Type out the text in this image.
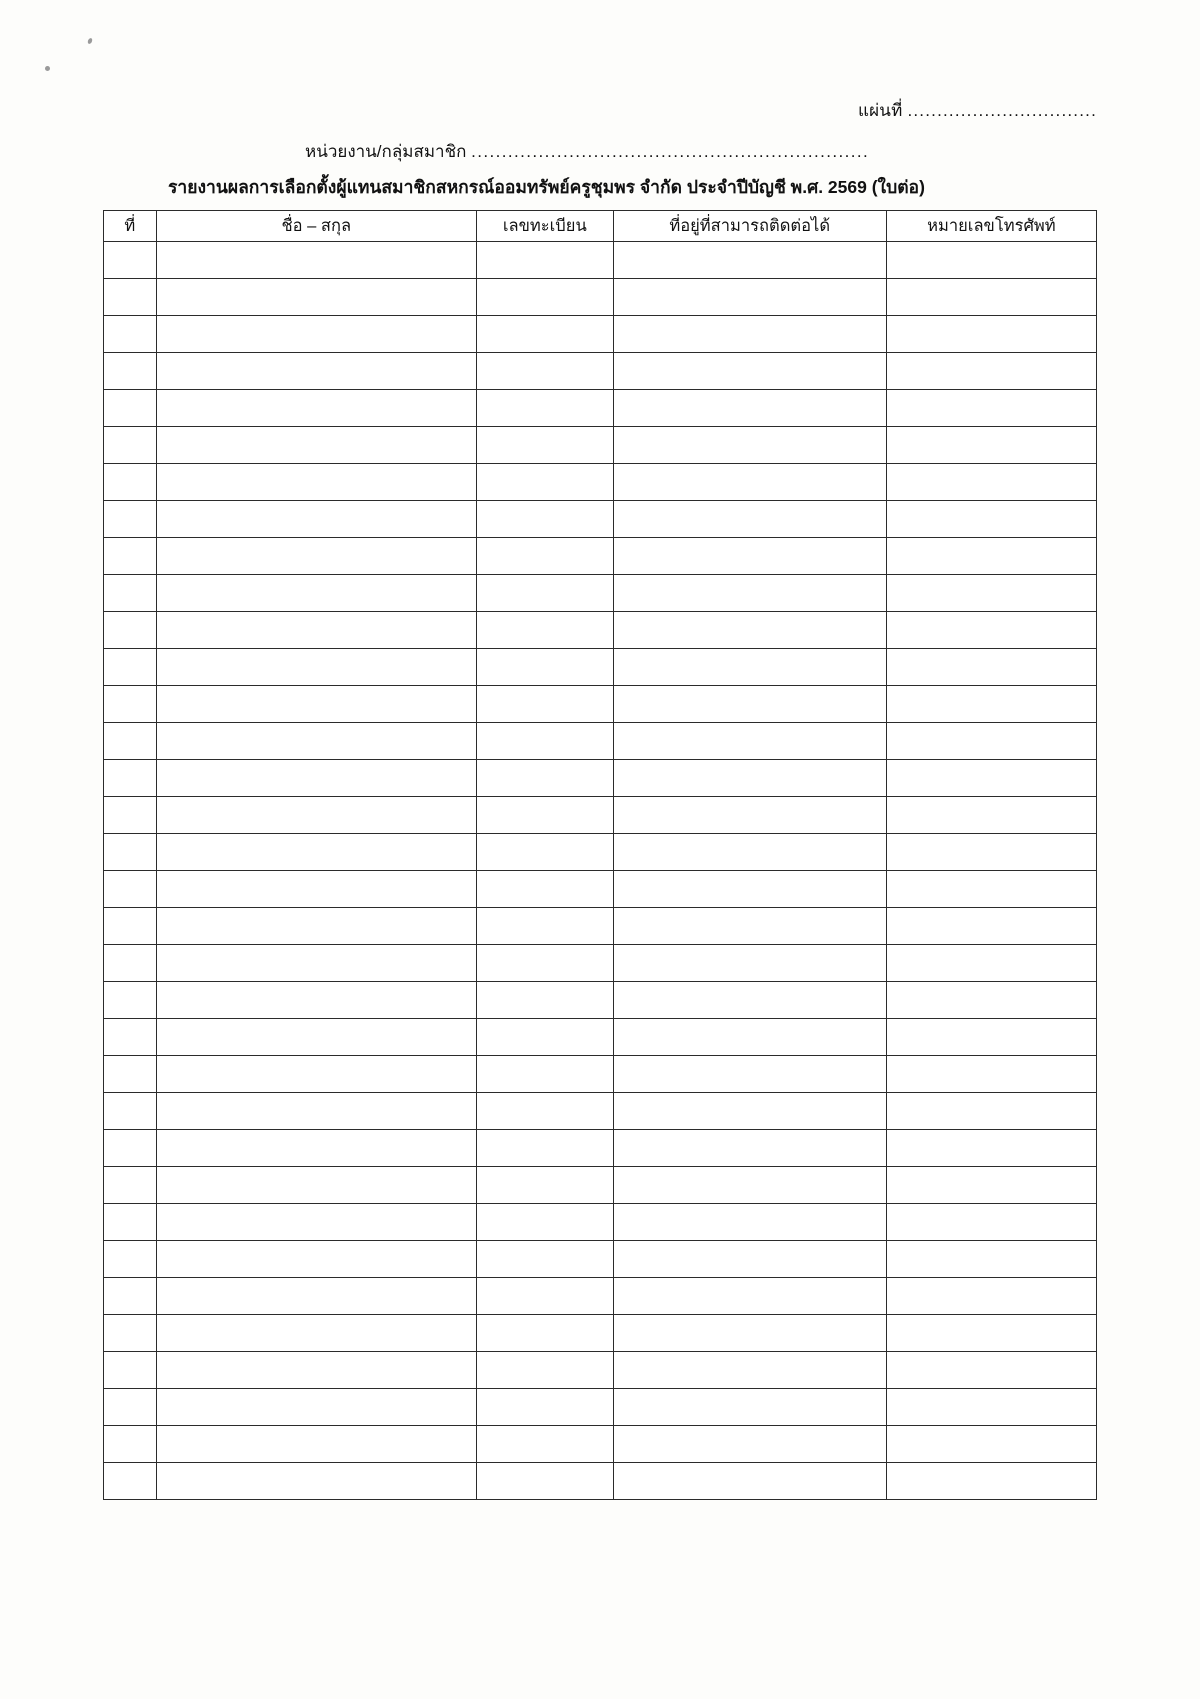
แผ่นที่ ................................
หน่วยงาน/กลุ่มสมาชิก .................................................................
รายงานผลการเลือกตั้งผู้แทนสมาชิกสหกรณ์ออมทรัพย์ครูชุมพร จำกัด ประจำปีบัญชี พ.ศ. 2569 (ใบต่อ)
ที่	ชื่อ – สกุล	เลขทะเบียน	ที่อยู่ที่สามารถติดต่อได้	หมายเลขโทรศัพท์
